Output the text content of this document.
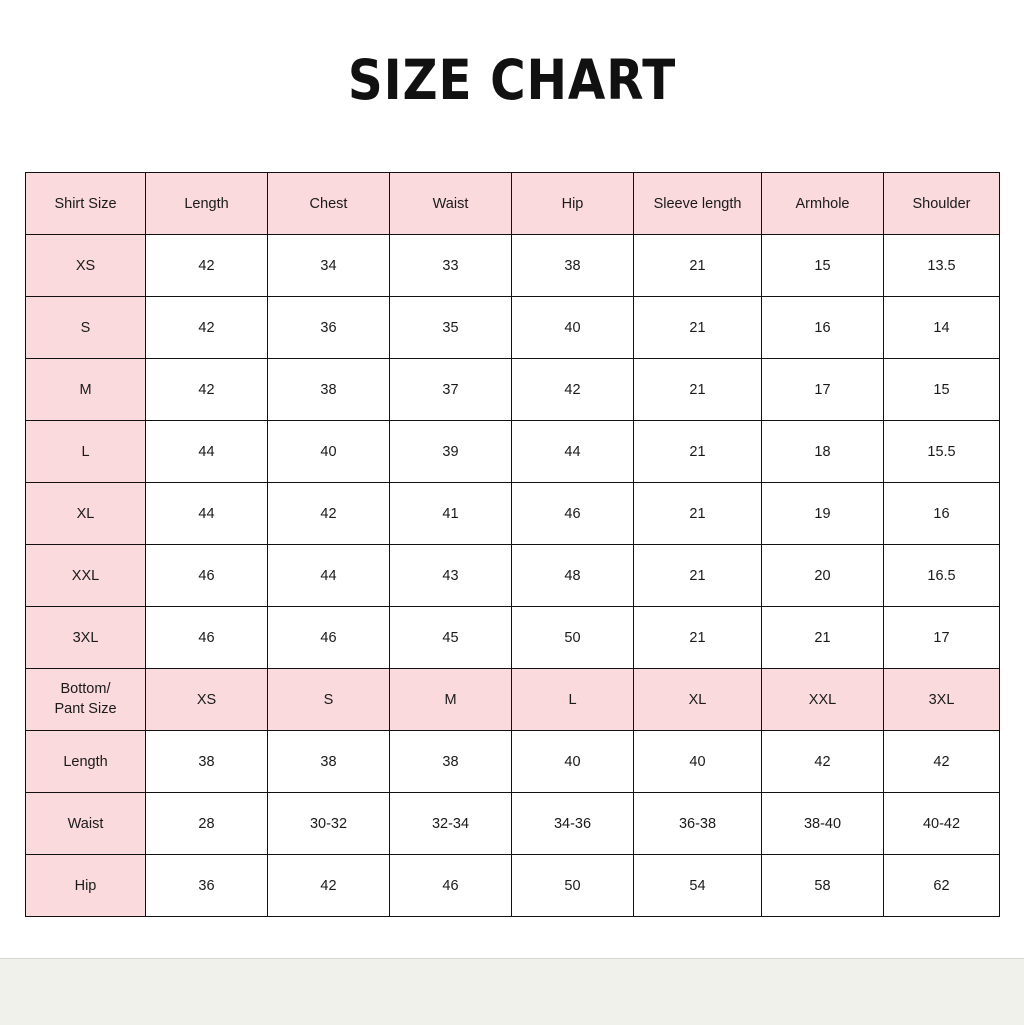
SIZE CHART
Shirt Size	Length	Chest	Waist	Hip	Sleeve length	Armhole	Shoulder
XS	42	34	33	38	21	15	13.5
S	42	36	35	40	21	16	14
M	42	38	37	42	21	17	15
L	44	40	39	44	21	18	15.5
XL	44	42	41	46	21	19	16
XXL	46	44	43	48	21	20	16.5
3XL	46	46	45	50	21	21	17
Bottom/
Pant Size	XS	S	M	L	XL	XXL	3XL
Length	38	38	38	40	40	42	42
Waist	28	30-32	32-34	34-36	36-38	38-40	40-42
Hip	36	42	46	50	54	58	62
